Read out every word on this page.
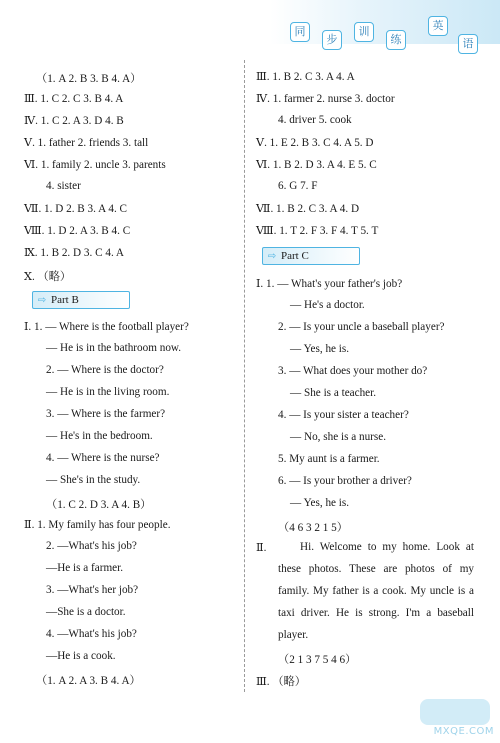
同
步
训
练
英
语
（1. A 2. B 3. B 4. A）
Ⅲ. 1. C 2. C 3. B 4. A
Ⅳ. 1. C 2. A 3. D 4. B
Ⅴ. 1. father 2. friends 3. tall
Ⅵ. 1. family 2. uncle 3. parents
4. sister
Ⅶ. 1. D 2. B 3. A 4. C
Ⅷ. 1. D 2. A 3. B 4. C
Ⅸ. 1. B 2. D 3. C 4. A
Ⅹ. （略）
⇨ Part B
Ⅰ. 1. — Where is the football player?
— He is in the bathroom now.
2. — Where is the doctor?
— He is in the living room.
3. — Where is the farmer?
— He's in the bedroom.
4. — Where is the nurse?
— She's in the study.
（1. C 2. D 3. A 4. B）
Ⅱ. 1. My family has four people.
2. —What's his job?
—He is a farmer.
3. —What's her job?
—She is a doctor.
4. —What's his job?
—He is a cook.
（1. A 2. A 3. B 4. A）
Ⅲ. 1. B 2. C 3. A 4. A
Ⅳ. 1. farmer 2. nurse 3. doctor
4. driver 5. cook
Ⅴ. 1. E 2. B 3. C 4. A 5. D
Ⅵ. 1. B 2. D 3. A 4. E 5. C
6. G 7. F
Ⅶ. 1. B 2. C 3. A 4. D
Ⅷ. 1. T 2. F 3. F 4. T 5. T
⇨ Part C
Ⅰ. 1. — What's your father's job?
— He's a doctor.
2. — Is your uncle a baseball player?
— Yes, he is.
3. — What does your mother do?
— She is a teacher.
4. — Is your sister a teacher?
— No, she is a nurse.
5. My aunt is a farmer.
6. — Is your brother a driver?
— Yes, he is.
（4 6 3 2 1 5）
Ⅱ.	Hi. Welcome to my home. Look at these photos. These are photos of my family. My father is a cook. My uncle is a taxi driver. He is strong. I'm a baseball player.
（2 1 3 7 5 4 6）
Ⅲ. （略）
MXQE.COM
